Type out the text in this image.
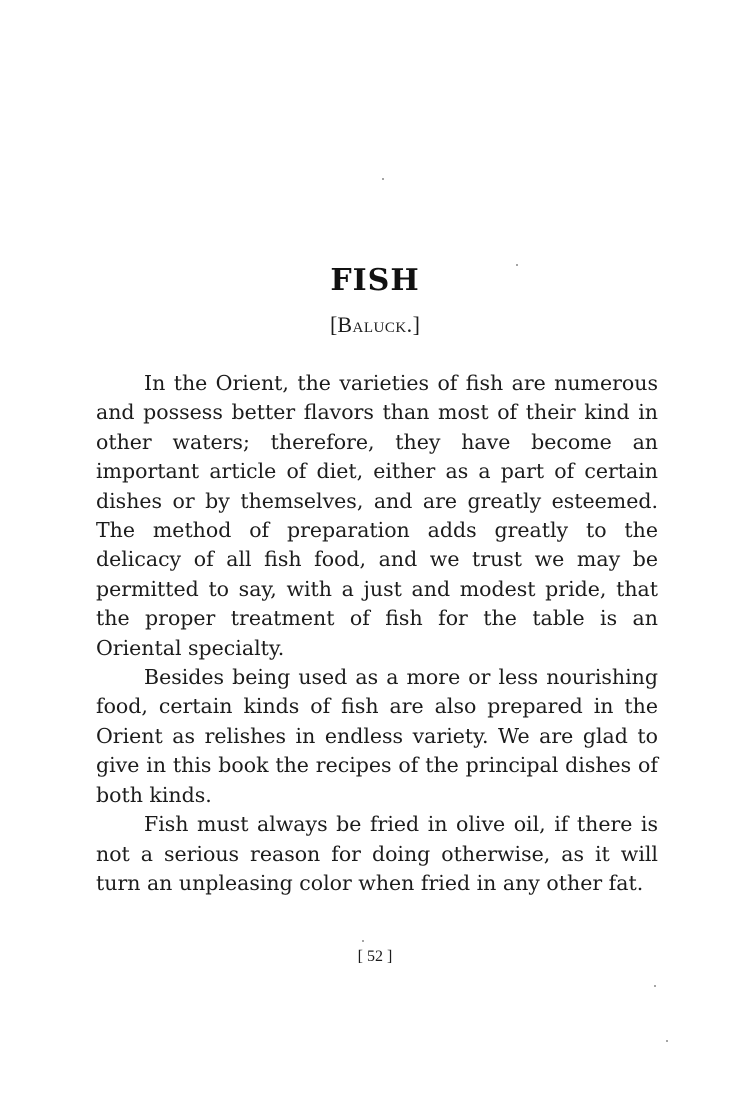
FISH
[Baluck.]

In the Orient, the varieties of fish are numerous and possess better flavors than most of their kind in other waters; therefore, they have become an important article of diet, either as a part of certain dishes or by themselves, and are greatly esteemed. The method of preparation adds greatly to the delicacy of all fish food, and we trust we may be permitted to say, with a just and modest pride, that the proper treatment of fish for the table is an Oriental specialty.

Besides being used as a more or less nourishing food, certain kinds of fish are also prepared in the Orient as relishes in endless variety. We are glad to give in this book the recipes of the principal dishes of both kinds.

Fish must always be fried in olive oil, if there is not a serious reason for doing otherwise, as it will turn an unpleasing color when fried in any other fat.

[ 52 ]
